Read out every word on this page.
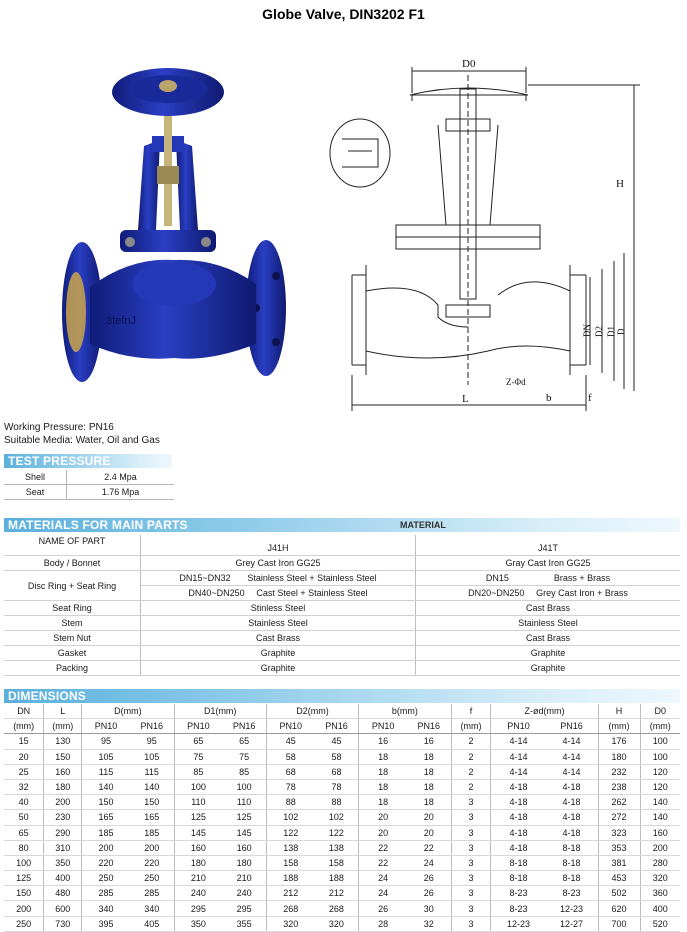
Globe Valve, DIN3202 F1
3tefnJ
D0
H
DN D2 D1 D
L	b	f
Z-Φd
Working Pressure: PN16
Suitable Media: Water, Oil and Gas
TEST PRESSURE
Shell	2.4 Mpa
Seat	1.76 Mpa
MATERIALS FOR MAIN PARTS	MATERIAL
NAME OF PART	J41H	J41T
Body / Bonnet	Grey Cast Iron GG25	Gray Cast Iron GG25
Disc Ring + Seat Ring	DN15~DN32 Stainless Steel + Stainless Steel	DN15 Brass + Brass
	DN40~DN250 Cast Steel + Stainless Steel	DN20~DN250 Grey Cast Iron + Brass
Seat Ring	Stinless Steel	Cast Brass
Stem	Stainless Steel	Stainless Steel
Stem Nut	Cast Brass	Cast Brass
Gasket	Graphite	Graphite
Packing	Graphite	Graphite
DIMENSIONS
DN	L	D(mm)		D1(mm)		D2(mm)		b(mm)		f	Z-ød(mm)		H	D0
(mm)	(mm)	PN10	PN16	PN10	PN16	PN10	PN16	PN10	PN16	(mm)	PN10	PN16	(mm)	(mm)
15	130	95	95	65	65	45	45	16	16	2	4-14	4-14	176	100
20	150	105	105	75	75	58	58	18	18	2	4-14	4-14	180	100
25	160	115	115	85	85	68	68	18	18	2	4-14	4-14	232	120
32	180	140	140	100	100	78	78	18	18	2	4-18	4-18	238	120
40	200	150	150	110	110	88	88	18	18	3	4-18	4-18	262	140
50	230	165	165	125	125	102	102	20	20	3	4-18	4-18	272	140
65	290	185	185	145	145	122	122	20	20	3	4-18	4-18	323	160
80	310	200	200	160	160	138	138	22	22	3	4-18	8-18	353	200
100	350	220	220	180	180	158	158	22	24	3	8-18	8-18	381	280
125	400	250	250	210	210	188	188	24	26	3	8-18	8-18	453	320
150	480	285	285	240	240	212	212	24	26	3	8-23	8-23	502	360
200	600	340	340	295	295	268	268	26	30	3	8-23	12-23	620	400
250	730	395	405	350	355	320	320	28	32	3	12-23	12-27	700	520
